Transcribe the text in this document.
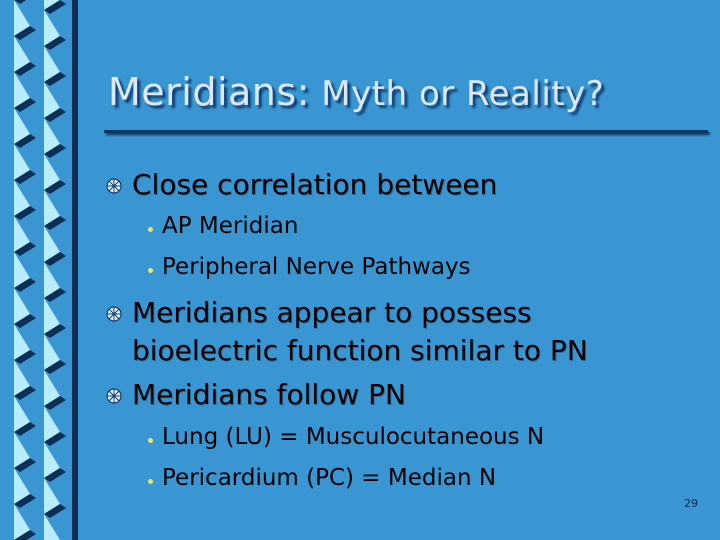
Meridians: Myth or Reality?
Close correlation between
AP Meridian
Peripheral Nerve Pathways
Meridians appear to possess
bioelectric function similar to PN
Meridians follow PN
Lung (LU) = Musculocutaneous N
Pericardium (PC) = Median N
29
